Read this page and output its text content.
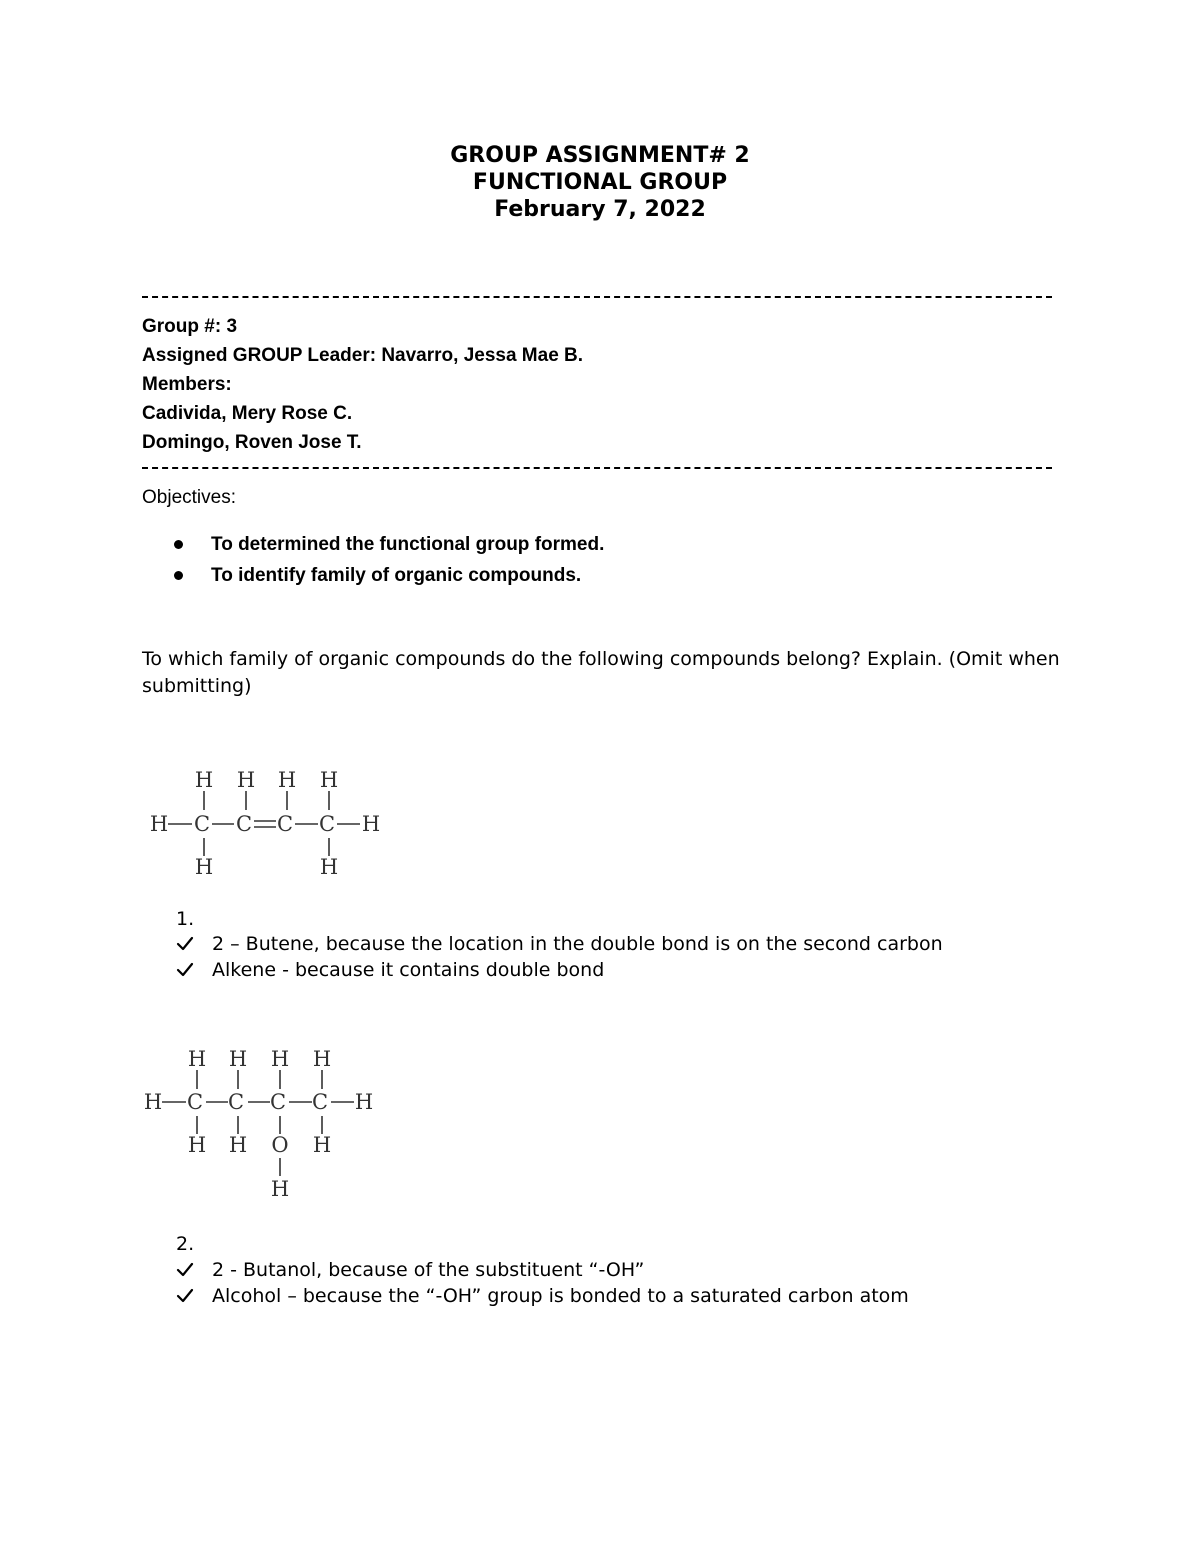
GROUP ASSIGNMENT# 2
FUNCTIONAL GROUP
February 7, 2022
Group #: 3
Assigned GROUP Leader: Navarro, Jessa Mae B.
Members:
Cadivida, Mery Rose C.
Domingo, Roven Jose T.
Objectives:
To determined the functional group formed.
To identify family of organic compounds.
To which family of organic compounds do the following compounds belong? Explain. (Omit when submitting)
H H H H
H C C C C H
H	H
1.
2 – Butene, because the location in the double bond is on the second carbon
Alkene - because it contains double bond
H H H H
H C C C C H
H H O H
H
2.
2 - Butanol, because of the substituent “-OH”
Alcohol – because the “-OH” group is bonded to a saturated carbon atom
